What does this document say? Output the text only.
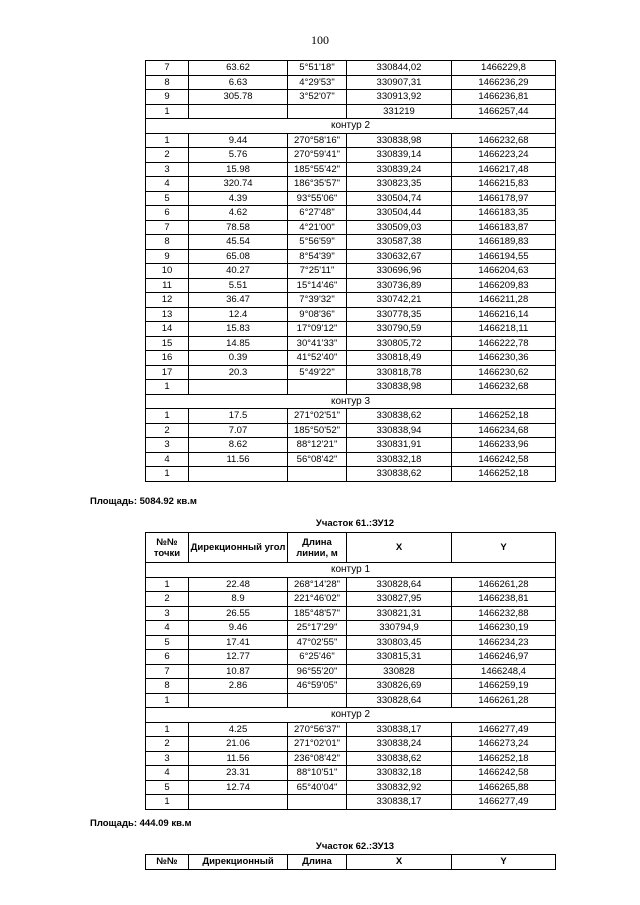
100
7	63.62	5°51'18"	330844,02	1466229,8
8	6.63	4°29'53"	330907,31	1466236,29
9	305.78	3°52'07"	330913,92	1466236,81
1			331219	1466257,44
контур 2				
1	9.44	270°58'16"	330838,98	1466232,68
2	5.76	270°59'41"	330839,14	1466223,24
3	15.98	185°55'42"	330839,24	1466217,48
4	320.74	186°35'57"	330823,35	1466215,83
5	4.39	93°55'06"	330504,74	1466178,97
6	4.62	6°27'48"	330504,44	1466183,35
7	78.58	4°21'00"	330509,03	1466183,87
8	45.54	5°56'59"	330587,38	1466189,83
9	65.08	8°54'39"	330632,67	1466194,55
10	40.27	7°25'11"	330696,96	1466204,63
11	5.51	15°14'46"	330736,89	1466209,83
12	36.47	7°39'32"	330742,21	1466211,28
13	12.4	9°08'36"	330778,35	1466216,14
14	15.83	17°09'12"	330790,59	1466218,11
15	14.85	30°41'33"	330805,72	1466222,78
16	0.39	41°52'40"	330818,49	1466230,36
17	20.3	5°49'22"	330818,78	1466230,62
1			330838,98	1466232,68
контур 3				
1	17.5	271°02'51"	330838,62	1466252,18
2	7.07	185°50'52"	330838,94	1466234,68
3	8.62	88°12'21"	330831,91	1466233,96
4	11.56	56°08'42"	330832,18	1466242,58
1			330838,62	1466252,18
Площадь: 5084.92 кв.м
Участок 61.:ЗУ12
№№ точки	Дирекционный угол	Длина линии, м	X	Y
контур 1				
1	22.48	268°14'28"	330828,64	1466261,28
2	8.9	221°46'02"	330827,95	1466238,81
3	26.55	185°48'57"	330821,31	1466232,88
4	9.46	25°17'29"	330794,9	1466230,19
5	17.41	47°02'55"	330803,45	1466234,23
6	12.77	6°25'46"	330815,31	1466246,97
7	10.87	96°55'20"	330828	1466248,4
8	2.86	46°59'05"	330826,69	1466259,19
1			330828,64	1466261,28
контур 2				
1	4.25	270°56'37"	330838,17	1466277,49
2	21.06	271°02'01"	330838,24	1466273,24
3	11.56	236°08'42"	330838,62	1466252,18
4	23.31	88°10'51"	330832,18	1466242,58
5	12.74	65°40'04"	330832,92	1466265,88
1			330838,17	1466277,49
Площадь: 444.09 кв.м
Участок 62.:ЗУ13
№№	Дирекционный	Длина	X	Y
